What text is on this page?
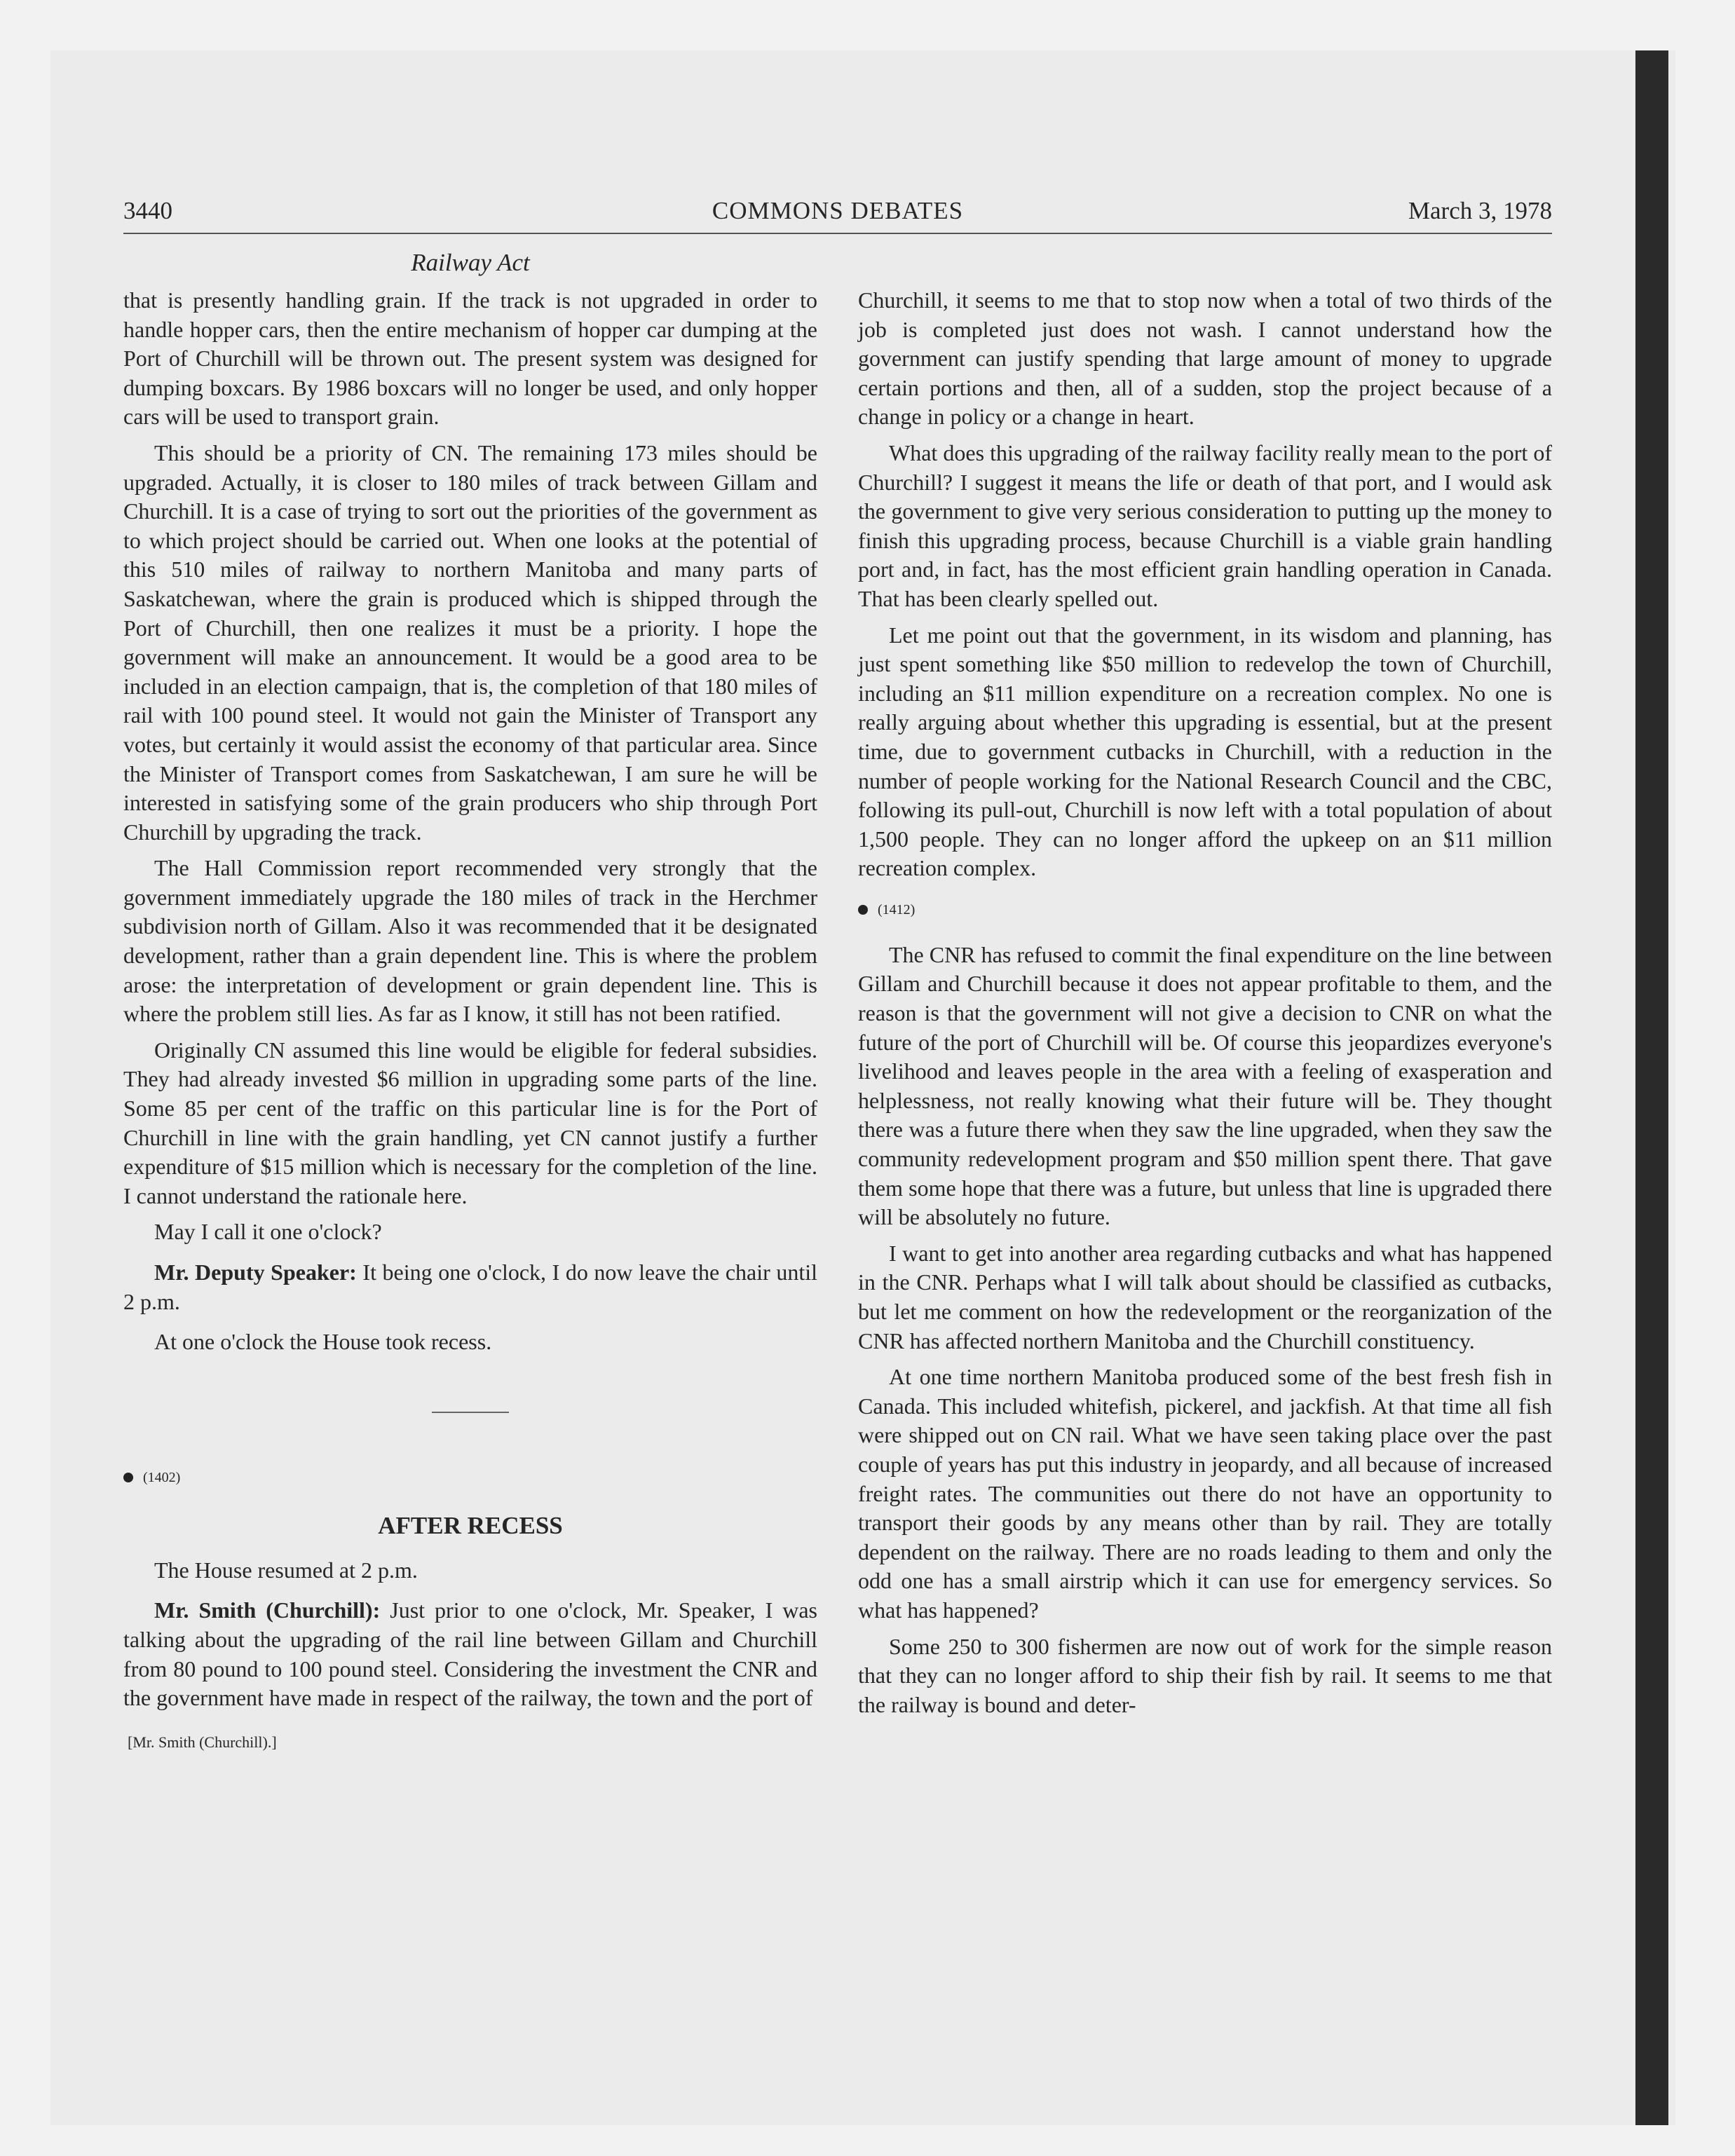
3440	COMMONS DEBATES	March 3, 1978
Railway Act

that is presently handling grain. If the track is not upgraded in order to handle hopper cars, then the entire mechanism of hopper car dumping at the Port of Churchill will be thrown out. The present system was designed for dumping boxcars. By 1986 boxcars will no longer be used, and only hopper cars will be used to transport grain.

This should be a priority of CN. The remaining 173 miles should be upgraded. Actually, it is closer to 180 miles of track between Gillam and Churchill. It is a case of trying to sort out the priorities of the government as to which project should be carried out. When one looks at the potential of this 510 miles of railway to northern Manitoba and many parts of Saskatchewan, where the grain is produced which is shipped through the Port of Churchill, then one realizes it must be a priority. I hope the government will make an announcement. It would be a good area to be included in an election campaign, that is, the completion of that 180 miles of rail with 100 pound steel. It would not gain the Minister of Transport any votes, but certainly it would assist the economy of that particular area. Since the Minister of Transport comes from Saskatchewan, I am sure he will be interested in satisfying some of the grain producers who ship through Port Churchill by upgrading the track.

The Hall Commission report recommended very strongly that the government immediately upgrade the 180 miles of track in the Herchmer subdivision north of Gillam. Also it was recommended that it be designated development, rather than a grain dependent line. This is where the problem arose: the interpretation of development or grain dependent line. This is where the problem still lies. As far as I know, it still has not been ratified.

Originally CN assumed this line would be eligible for federal subsidies. They had already invested $6 million in upgrading some parts of the line. Some 85 per cent of the traffic on this particular line is for the Port of Churchill in line with the grain handling, yet CN cannot justify a further expenditure of $15 million which is necessary for the completion of the line. I cannot understand the rationale here.

May I call it one o'clock?

Mr. Deputy Speaker: It being one o'clock, I do now leave the chair until 2 p.m.

At one o'clock the House took recess.

(1402)
AFTER RECESS

The House resumed at 2 p.m.

Mr. Smith (Churchill): Just prior to one o'clock, Mr. Speaker, I was talking about the upgrading of the rail line between Gillam and Churchill from 80 pound to 100 pound steel. Considering the investment the CNR and the government have made in respect of the railway, the town and the port of

[Mr. Smith (Churchill).]

Churchill, it seems to me that to stop now when a total of two thirds of the job is completed just does not wash. I cannot understand how the government can justify spending that large amount of money to upgrade certain portions and then, all of a sudden, stop the project because of a change in policy or a change in heart.

What does this upgrading of the railway facility really mean to the port of Churchill? I suggest it means the life or death of that port, and I would ask the government to give very serious consideration to putting up the money to finish this upgrading process, because Churchill is a viable grain handling port and, in fact, has the most efficient grain handling operation in Canada. That has been clearly spelled out.

Let me point out that the government, in its wisdom and planning, has just spent something like $50 million to redevelop the town of Churchill, including an $11 million expenditure on a recreation complex. No one is really arguing about whether this upgrading is essential, but at the present time, due to government cutbacks in Churchill, with a reduction in the number of people working for the National Research Council and the CBC, following its pull-out, Churchill is now left with a total population of about 1,500 people. They can no longer afford the upkeep on an $11 million recreation complex.

(1412)

The CNR has refused to commit the final expenditure on the line between Gillam and Churchill because it does not appear profitable to them, and the reason is that the government will not give a decision to CNR on what the future of the port of Churchill will be. Of course this jeopardizes everyone's livelihood and leaves people in the area with a feeling of exasperation and helplessness, not really knowing what their future will be. They thought there was a future there when they saw the line upgraded, when they saw the community redevelopment program and $50 million spent there. That gave them some hope that there was a future, but unless that line is upgraded there will be absolutely no future.

I want to get into another area regarding cutbacks and what has happened in the CNR. Perhaps what I will talk about should be classified as cutbacks, but let me comment on how the redevelopment or the reorganization of the CNR has affected northern Manitoba and the Churchill constituency.

At one time northern Manitoba produced some of the best fresh fish in Canada. This included whitefish, pickerel, and jackfish. At that time all fish were shipped out on CN rail. What we have seen taking place over the past couple of years has put this industry in jeopardy, and all because of increased freight rates. The communities out there do not have an opportunity to transport their goods by any means other than by rail. They are totally dependent on the railway. There are no roads leading to them and only the odd one has a small airstrip which it can use for emergency services. So what has happened?

Some 250 to 300 fishermen are now out of work for the simple reason that they can no longer afford to ship their fish by rail. It seems to me that the railway is bound and deter-
